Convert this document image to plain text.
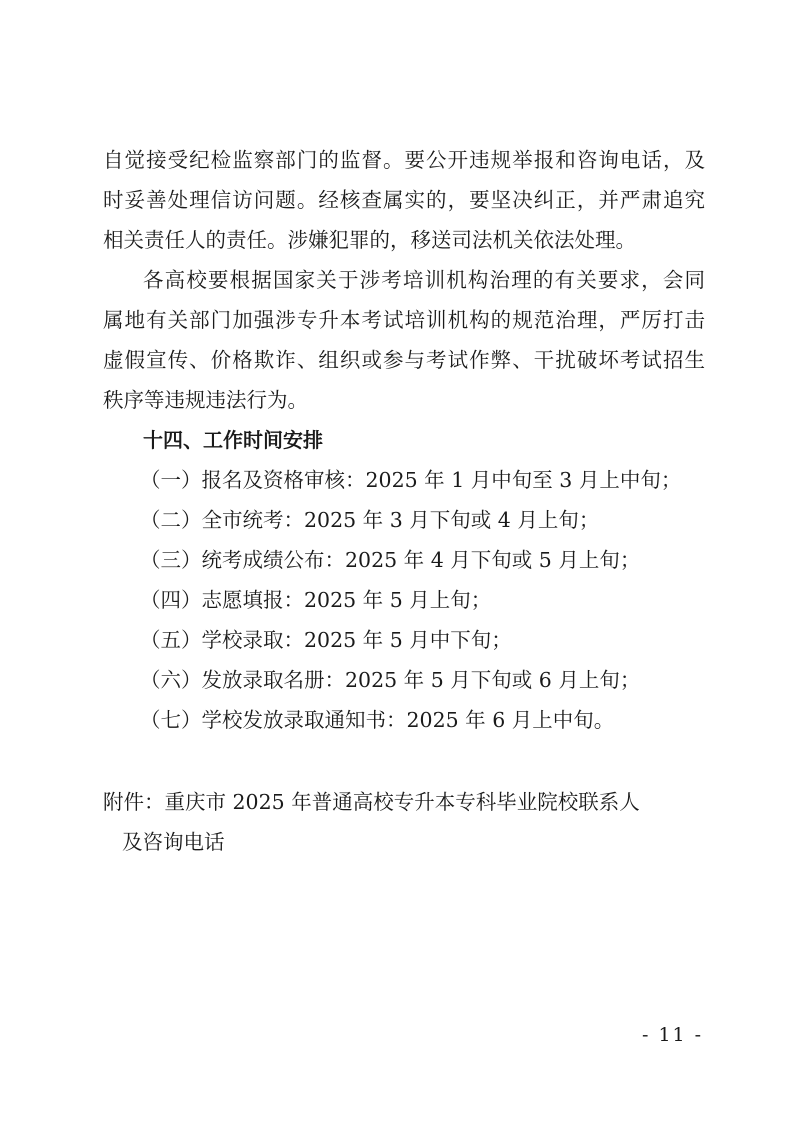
自觉接受纪检监察部门的监督。要公开违规举报和咨询电话，及
时妥善处理信访问题。经核查属实的，要坚决纠正，并严肃追究
相关责任人的责任。涉嫌犯罪的，移送司法机关依法处理。
各高校要根据国家关于涉考培训机构治理的有关要求，会同
属地有关部门加强涉专升本考试培训机构的规范治理，严厉打击
虚假宣传、价格欺诈、组织或参与考试作弊、干扰破坏考试招生
秩序等违规违法行为。
十四、工作时间安排
（一）报名及资格审核：2025 年 1 月中旬至 3 月上中旬；
（二）全市统考：2025 年 3 月下旬或 4 月上旬；
（三）统考成绩公布：2025 年 4 月下旬或 5 月上旬；
（四）志愿填报：2025 年 5 月上旬；
（五）学校录取：2025 年 5 月中下旬；
（六）发放录取名册：2025 年 5 月下旬或 6 月上旬；
（七）学校发放录取通知书：2025 年 6 月上中旬。
附件：重庆市 2025 年普通高校专升本专科毕业院校联系人
及咨询电话
- 11 -
